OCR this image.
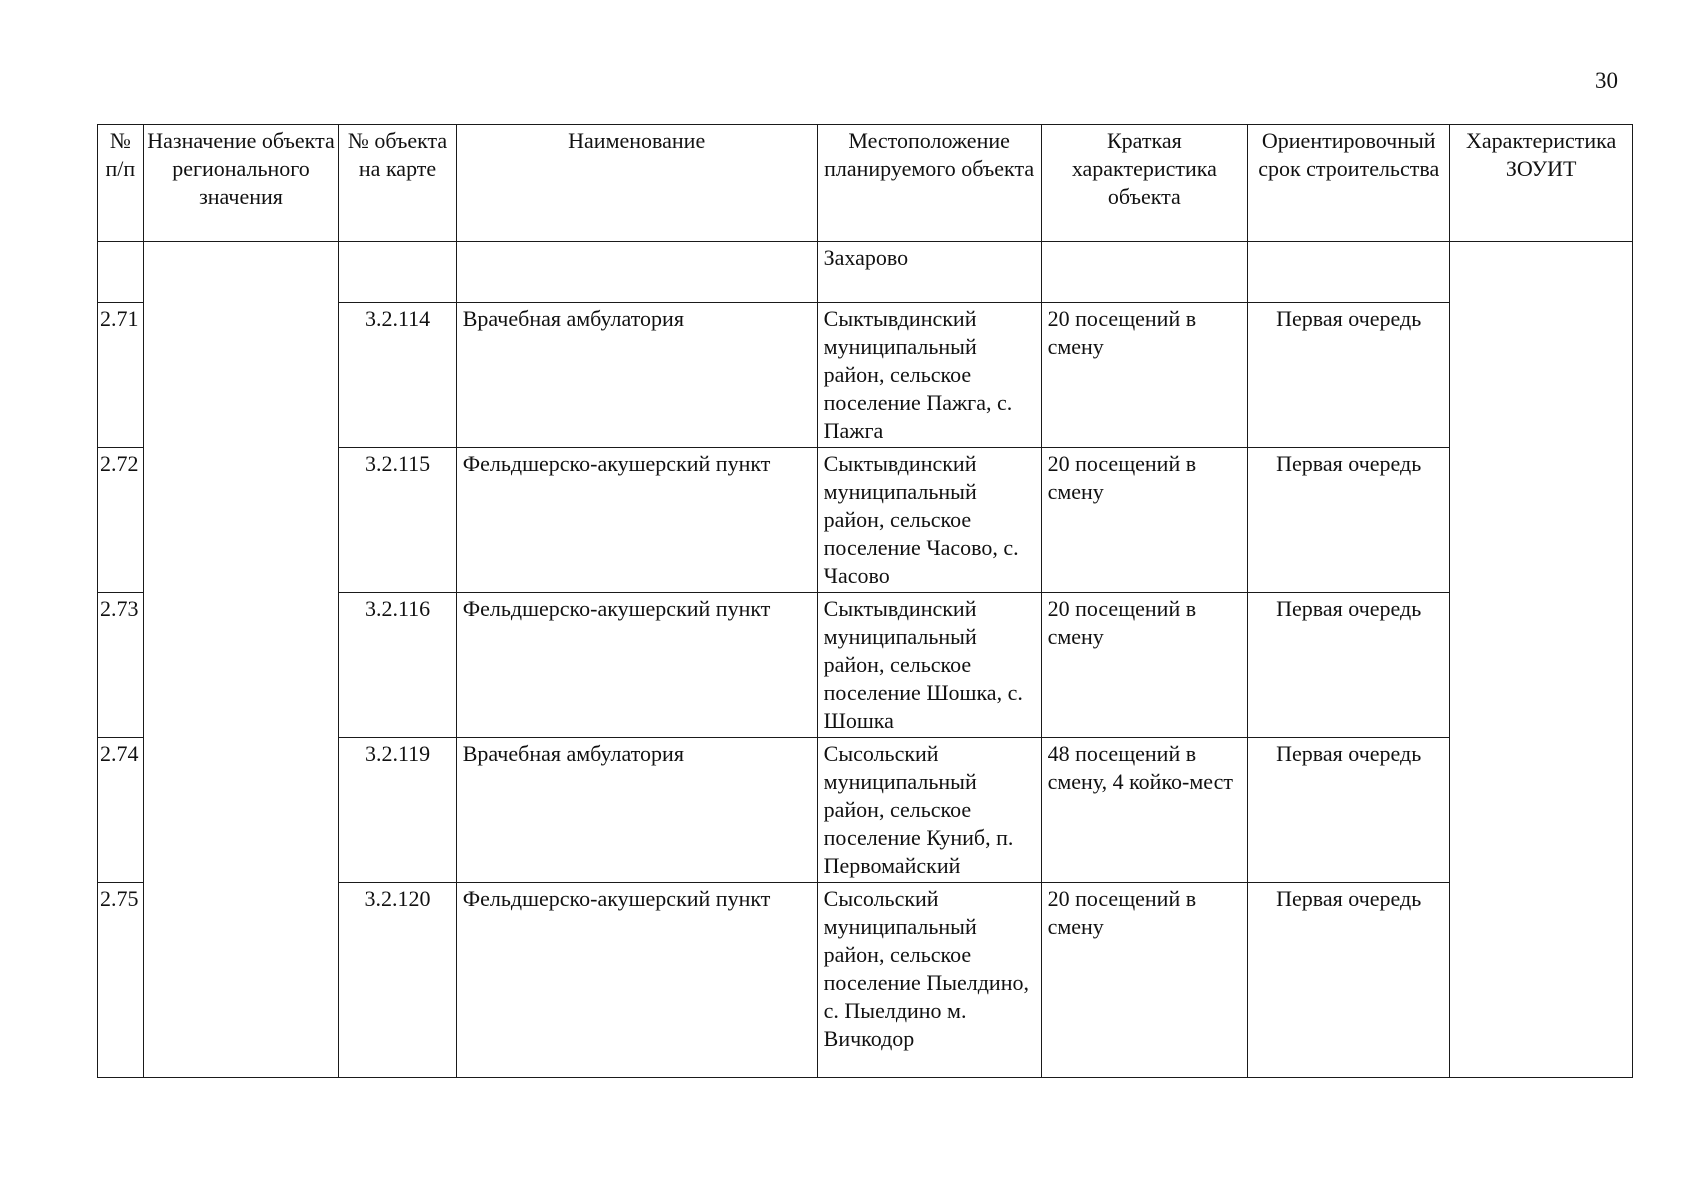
30
№ п/п	Назначение объекта регионального значения	№ объекта на карте	Наименование	Местоположение планируемого объекта	Краткая характеристика объекта	Ориентировочный срок строительства	Характеристика ЗОУИТ
				Захарово			
2.71		3.2.114	Врачебная амбулатория	Сыктывдинский муниципальный район, сельское поселение Пажга, с. Пажга	20 посещений в смену	Первая очередь	
2.72		3.2.115	Фельдшерско-акушерский пункт	Сыктывдинский муниципальный район, сельское поселение Часово, с. Часово	20 посещений в смену	Первая очередь	
2.73		3.2.116	Фельдшерско-акушерский пункт	Сыктывдинский муниципальный район, сельское поселение Шошка, с. Шошка	20 посещений в смену	Первая очередь	
2.74		3.2.119	Врачебная амбулатория	Сысольский муниципальный район, сельское поселение Куниб, п. Первомайский	48 посещений в смену, 4 койко-мест	Первая очередь	
2.75		3.2.120	Фельдшерско-акушерский пункт	Сысольский муниципальный район, сельское поселение Пыелдино, с. Пыелдино м. Вичкодор	20 посещений в смену	Первая очередь	
